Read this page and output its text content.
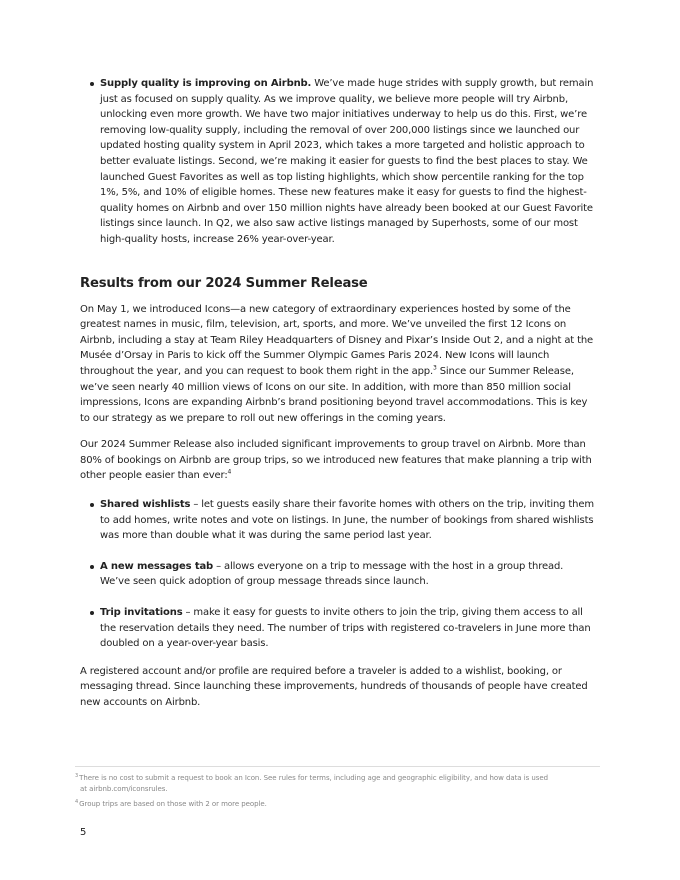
Supply quality is improving on Airbnb. We’ve made huge strides with supply growth, but remain just as focused on supply quality. As we improve quality, we believe more people will try Airbnb, unlocking even more growth. We have two major initiatives underway to help us do this. First, we’re removing low-quality supply, including the removal of over 200,000 listings since we launched our updated hosting quality system in April 2023, which takes a more targeted and holistic approach to better evaluate listings. Second, we’re making it easier for guests to find the best places to stay. We launched Guest Favorites as well as top listing highlights, which show percentile ranking for the top 1%, 5%, and 10% of eligible homes. These new features make it easy for guests to find the highest-quality homes on Airbnb and over 150 million nights have already been booked at our Guest Favorite listings since launch. In Q2, we also saw active listings managed by Superhosts, some of our most high-quality hosts, increase 26% year-over-year.
Results from our 2024 Summer Release

On May 1, we introduced Icons—a new category of extraordinary experiences hosted by some of the greatest names in music, film, television, art, sports, and more. We’ve unveiled the first 12 Icons on Airbnb, including a stay at Team Riley Headquarters of Disney and Pixar’s Inside Out 2, and a night at the Musée d’Orsay in Paris to kick off the Summer Olympic Games Paris 2024. New Icons will launch throughout the year, and you can request to book them right in the app.$^3$ Since our Summer Release, we’ve seen nearly 40 million views of Icons on our site. In addition, with more than 850 million social impressions, Icons are expanding Airbnb’s brand positioning beyond travel accommodations. This is key to our strategy as we prepare to roll out new offerings in the coming years.

Our 2024 Summer Release also included significant improvements to group travel on Airbnb. More than 80% of bookings on Airbnb are group trips, so we introduced new features that make planning a trip with other people easier than ever:$^4$

Shared wishlists – let guests easily share their favorite homes with others on the trip, inviting them to add homes, write notes and vote on listings. In June, the number of bookings from shared wishlists was more than double what it was during the same period last year.
A new messages tab – allows everyone on a trip to message with the host in a group thread. We’ve seen quick adoption of group message threads since launch.
Trip invitations – make it easy for guests to invite others to join the trip, giving them access to all the reservation details they need. The number of trips with registered co-travelers in June more than doubled on a year-over-year basis.

A registered account and/or profile are required before a traveler is added to a wishlist, booking, or messaging thread. Since launching these improvements, hundreds of thousands of people have created new accounts on Airbnb.

$^3$There is no cost to submit a request to book an Icon. See rules for terms, including age and geographic eligibility, and how data is used
at airbnb.com/iconsrules.

$^4$Group trips are based on those with 2 or more people.

5
